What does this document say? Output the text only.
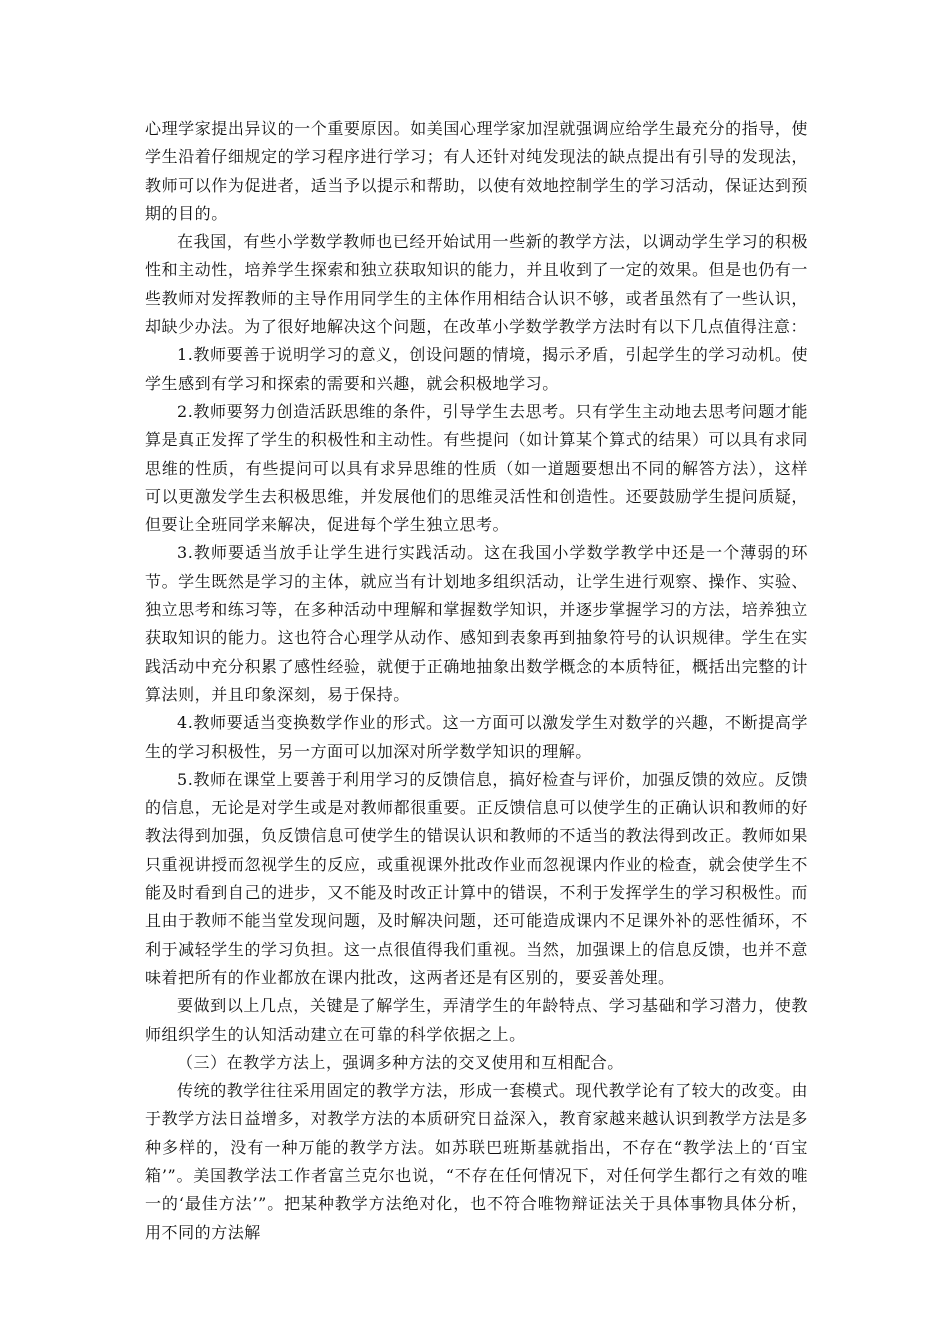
心理学家提出异议的一个重要原因。如美国心理学家加涅就强调应给学生最充分的指导，使学生沿着仔细规定的学习程序进行学习；有人还针对纯发现法的缺点提出有引导的发现法，教师可以作为促进者，适当予以提示和帮助，以使有效地控制学生的学习活动，保证达到预期的目的。

在我国，有些小学数学教师也已经开始试用一些新的教学方法，以调动学生学习的积极性和主动性，培养学生探索和独立获取知识的能力，并且收到了一定的效果。但是也仍有一些教师对发挥教师的主导作用同学生的主体作用相结合认识不够，或者虽然有了一些认识，却缺少办法。为了很好地解决这个问题，在改革小学数学教学方法时有以下几点值得注意：

1.教师要善于说明学习的意义，创设问题的情境，揭示矛盾，引起学生的学习动机。使学生感到有学习和探索的需要和兴趣，就会积极地学习。

2.教师要努力创造活跃思维的条件，引导学生去思考。只有学生主动地去思考问题才能算是真正发挥了学生的积极性和主动性。有些提问（如计算某个算式的结果）可以具有求同思维的性质，有些提问可以具有求异思维的性质（如一道题要想出不同的解答方法），这样可以更激发学生去积极思维，并发展他们的思维灵活性和创造性。还要鼓励学生提问质疑，但要让全班同学来解决，促进每个学生独立思考。

3.教师要适当放手让学生进行实践活动。这在我国小学数学教学中还是一个薄弱的环节。学生既然是学习的主体，就应当有计划地多组织活动，让学生进行观察、操作、实验、独立思考和练习等，在多种活动中理解和掌握数学知识，并逐步掌握学习的方法，培养独立获取知识的能力。这也符合心理学从动作、感知到表象再到抽象符号的认识规律。学生在实践活动中充分积累了感性经验，就便于正确地抽象出数学概念的本质特征，概括出完整的计算法则，并且印象深刻，易于保持。

4.教师要适当变换数学作业的形式。这一方面可以激发学生对数学的兴趣，不断提高学生的学习积极性，另一方面可以加深对所学数学知识的理解。

5.教师在课堂上要善于利用学习的反馈信息，搞好检查与评价，加强反馈的效应。反馈的信息，无论是对学生或是对教师都很重要。正反馈信息可以使学生的正确认识和教师的好教法得到加强，负反馈信息可使学生的错误认识和教师的不适当的教法得到改正。教师如果只重视讲授而忽视学生的反应，或重视课外批改作业而忽视课内作业的检查，就会使学生不能及时看到自己的进步，又不能及时改正计算中的错误，不利于发挥学生的学习积极性。而且由于教师不能当堂发现问题，及时解决问题，还可能造成课内不足课外补的恶性循环，不利于减轻学生的学习负担。这一点很值得我们重视。当然，加强课上的信息反馈，也并不意味着把所有的作业都放在课内批改，这两者还是有区别的，要妥善处理。

要做到以上几点，关键是了解学生，弄清学生的年龄特点、学习基础和学习潜力，使教师组织学生的认知活动建立在可靠的科学依据之上。

（三）在教学方法上，强调多种方法的交叉使用和互相配合。

传统的教学往往采用固定的教学方法，形成一套模式。现代教学论有了较大的改变。由于教学方法日益增多，对教学方法的本质研究日益深入，教育家越来越认识到教学方法是多种多样的，没有一种万能的教学方法。如苏联巴班斯基就指出，不存在“教学法上的‘百宝箱’”。美国教学法工作者富兰克尔也说，“不存在任何情况下，对任何学生都行之有效的唯一的‘最佳方法’”。把某种教学方法绝对化，也不符合唯物辩证法关于具体事物具体分析，用不同的方法解
